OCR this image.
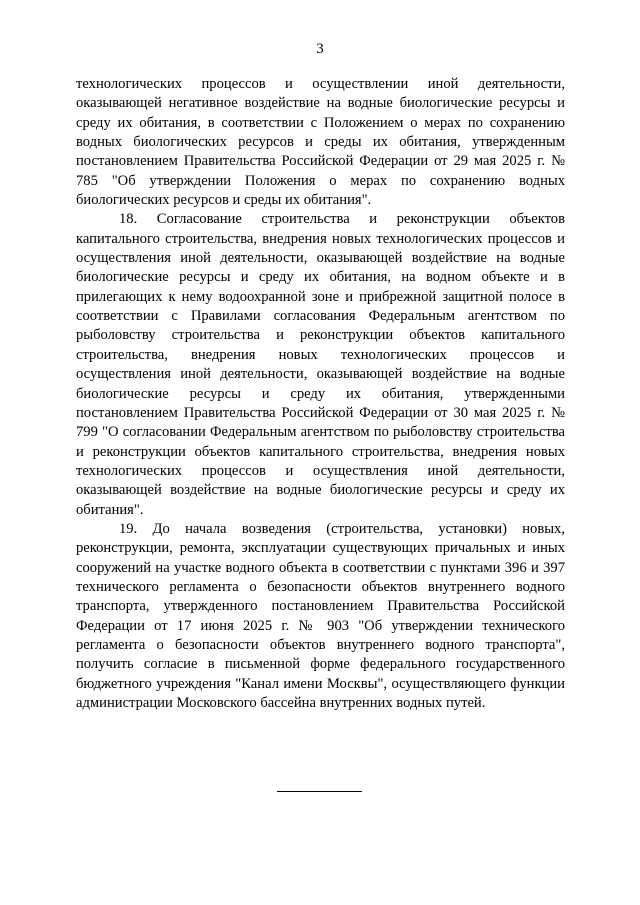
3

технологических процессов и осуществлении иной деятельности, оказывающей негативное воздействие на водные биологические ресурсы и среду их обитания, в соответствии с Положением о мерах по сохранению водных биологических ресурсов и среды их обитания, утвержденным постановлением Правительства Российской Федерации от 29 мая 2025 г. № 785 "Об утверждении Положения о мерах по сохранению водных биологических ресурсов и среды их обитания".

18. Согласование строительства и реконструкции объектов капитального строительства, внедрения новых технологических процессов и осуществления иной деятельности, оказывающей воздействие на водные биологические ресурсы и среду их обитания, на водном объекте и в прилегающих к нему водоохранной зоне и прибрежной защитной полосе в соответствии с Правилами согласования Федеральным агентством по рыболовству строительства и реконструкции объектов капитального строительства, внедрения новых технологических процессов и осуществления иной деятельности, оказывающей воздействие на водные биологические ресурсы и среду их обитания, утвержденными постановлением Правительства Российской Федерации от 30 мая 2025 г. № 799 "О согласовании Федеральным агентством по рыболовству строительства и реконструкции объектов капитального строительства, внедрения новых технологических процессов и осуществления иной деятельности, оказывающей воздействие на водные биологические ресурсы и среду их обитания".

19. До начала возведения (строительства, установки) новых, реконструкции, ремонта, эксплуатации существующих причальных и иных сооружений на участке водного объекта в соответствии с пунктами 396 и 397 технического регламента о безопасности объектов внутреннего водного транспорта, утвержденного постановлением Правительства Российской Федерации от 17 июня 2025 г. № 903 "Об утверждении технического регламента о безопасности объектов внутреннего водного транспорта", получить согласие в письменной форме федерального государственного бюджетного учреждения "Канал имени Москвы", осуществляющего функции администрации Московского бассейна внутренних водных путей.
